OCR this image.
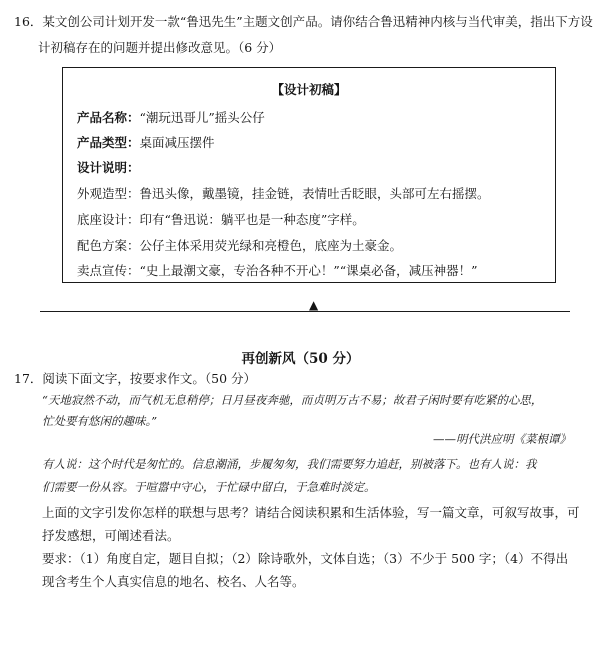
16．某文创公司计划开发一款“鲁迅先生”主题文创产品。请你结合鲁迅精神内核与当代审美，指出下方设
计初稿存在的问题并提出修改意见。（6 分）
【设计初稿】
产品名称：“潮玩迅哥儿”摇头公仔
产品类型：桌面减压摆件
设计说明：
外观造型：鲁迅头像，戴墨镜，挂金链，表情吐舌眨眼，头部可左右摇摆。
底座设计：印有“鲁迅说：躺平也是一种态度”字样。
配色方案：公仔主体采用荧光绿和亮橙色，底座为土豪金。
卖点宣传：“史上最潮文豪，专治各种不开心！”“课桌必备，减压神器！”
▲
再创新风（50 分）
17．阅读下面文字，按要求作文。（50 分）
“天地寂然不动，而气机无息稍停；日月昼夜奔驰，而贞明万古不易；故君子闲时要有吃紧的心思，
忙处要有悠闲的趣味。”
——明代洪应明《菜根谭》
有人说：这个时代是匆忙的。信息潮涌，步履匆匆，我们需要努力追赶，别被落下。也有人说：我
们需要一份从容。于喧嚣中守心，于忙碌中留白，于急难时淡定。
上面的文字引发你怎样的联想与思考？请结合阅读积累和生活体验，写一篇文章，可叙写故事，可
抒发感想，可阐述看法。
要求：（1）角度自定，题目自拟；（2）除诗歌外，文体自选；（3）不少于 500 字；（4）不得出
现含考生个人真实信息的地名、校名、人名等。
